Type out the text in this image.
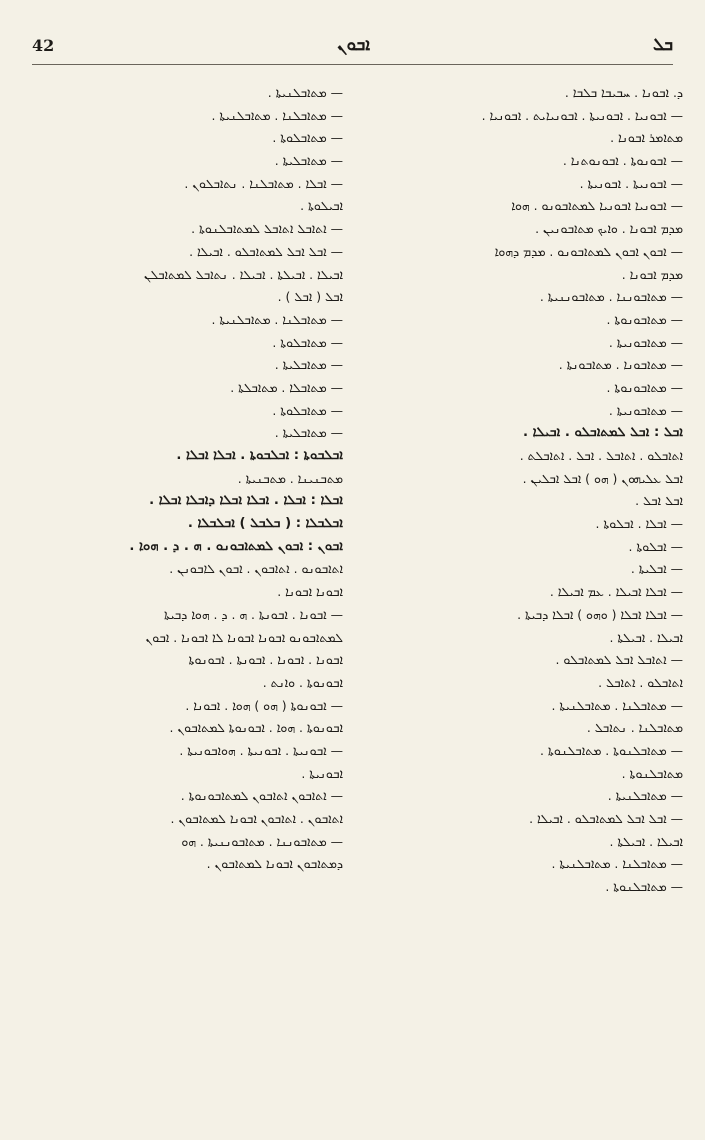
42	ܐܒܘܢ	ܒܠ
ܕ. ܐܒܘܢܐ . ܚܒܝܒܐ ܒܠܒܐ .
— ܐܒܘܢܝܐ . ܐܒܘܢܝܬܐ . ܐܒܘܢܝܐܝܬ . ܐܒܘܢܝܐ .
ܡܬܐܡܪ ܐܒܘܢܐ .
— ܐܒܘܢܘܬܐ . ܐܒܘܢܘܬܢܐ .
— ܐܒܘܢܝܬܐ . ܐܒܘܢܝܬܐ .
— ܐܒܘܢܝܐ ܐܒܘܢܝܐ ܠܡܬܐܒܘܢܘ . ܗܘܐ
ܡܕܡ ܐܒܘܢܐ . ܘܐܝܟ ܡܬܐܒܘܢܝܢ .
— ܐܒܘܢ ܐܒܘܢ ܠܡܬܐܒܘܢܘ . ܡܕܡ ܕܗܘܐ
ܡܕܡ ܐܒܘܢܐ .
— ܡܬܐܒܘܢܢܐ . ܡܬܐܒܘܢܢܝܬܐ .
— ܡܬܐܒܘܢܘܬܐ .
— ܡܬܐܒܘܢܝܬܐ .
— ܡܬܐܒܘܢܐ . ܡܬܐܒܘܢܬܐ .
— ܡܬܐܒܘܢܘܬܐ .
— ܡܬܐܒܘܢܝܬܐ .
ܐܒܠ : ܐܒܠ ܠܡܬܐܒܠܘ . ܐܒܝܠܐ .
ܐܬܐܒܠܘ . ܐܬܐܒܠ . ܐܒܠ . ܐܬܐܒܠܬ .
ܐܒܠ ܥܠܝܗܘܢ ( ܗܘ ) ܐܒܠ ܐܒܠܝܢ .
ܐܒܠ ܐܒܠ .
— ܐܒܠܐ . ܐܒܠܘܬܐ .
— ܐܒܠܘܬܐ .
— ܐܒܠܝܬܐ .
— ܐܒܠܐ ܐܒܝܠܐ . ܥܡ ܐܒܝܠܐ .
— ܐܒܠܐ ܐܒܠܐ ( ܘܗܘ ) ܐܒܠܐ ܕܒܝܬܐ .
ܐܒܝܠܐ . ܐܒܝܠܬܐ .
— ܐܬܐܒܠ ܐܒܠ ܠܡܬܐܒܠܘ .
ܐܬܐܒܠܘ . ܐܬܐܒܠ .
— ܡܬܐܒܠܢܐ . ܡܬܐܒܠܢܝܬܐ .
ܡܬܐܒܠܢܐ . ܢܬܐܒܠ .
— ܡܬܐܒܠܢܘܬܐ . ܡܬܐܒܠܢܘܬܐ .
ܡܬܐܒܠܢܘܬܐ .
— ܡܬܐܒܠܢܝܬܐ .
— ܐܒܠ ܐܒܠ ܠܡܬܐܒܠܘ . ܐܒܝܠܐ .
ܐܒܝܠܐ . ܐܒܝܠܬܐ .
— ܡܬܐܒܠܢܐ . ܡܬܐܒܠܢܝܬܐ .
— ܡܬܐܒܠܢܘܬܐ .
— ܡܬܐܒܠܢܝܬܐ .
— ܡܬܐܒܠܢܐ . ܡܬܐܒܠܢܝܬܐ .
— ܡܬܐܒܠܘܬܐ .
— ܡܬܐܒܠܝܬܐ .
— ܐܒܠܐ . ܡܬܐܒܠܢܐ . ܢܬܐܒܠܘܢ .
ܐܒܝܠܘܬܐ .
— ܐܬܐܒܠ ܐܬܐܒܠ ܠܡܬܐܒܠܢܘܬܐ .
— ܐܒܠ ܐܒܠ ܠܡܬܐܒܠܘ . ܐܒܝܠܐ .
ܐܒܝܠܐ . ܐܒܝܠܬܐ . ܐܒܝܠܐ . ܢܬܐܒܠ ܠܡܬܐܒܠܢ
ܐܒܠ ( ܐܒܠ ) .
— ܡܬܐܒܠܢܐ . ܡܬܐܒܠܢܝܬܐ .
— ܡܬܐܒܠܘܬܐ .
— ܡܬܐܒܠܝܬܐ .
— ܡܬܐܒܠܐ . ܡܬܐܒܠܬܐ .
— ܡܬܐܒܠܘܬܐ .
— ܡܬܐܒܠܝܬܐ .
ܐܒܠܒܘܬܐ : ܐܒܠܒܘܬܐ . ܐܒܠܐ ܐܒܠܐ .
ܡܬܒܢܝܢܐ . ܡܬܒܢܝܬܐ .
ܐܒܠܐ : ܐܒܠܐ . ܐܒܠܐ ܐܒܠܐ ܕܐܒܠܐ ܐܒܠܐ .
ܐܒܠܒܠܐ : ( ܒܠܒܠ ) ܐܒܠܒܠܐ .
ܐܒܘܢ : ܐܒܘܢ ܠܡܬܐܒܘܢܘ . ܗ . ܕ . ܗܘܐ .
ܐܬܐܒܘܢܘ . ܐܬܐܒܘܢ . ܐܒܘܢ ܠܐܒܘܢܢ .
ܐܒܘܢܐ ܐܒܘܢܐ .
— ܐܒܘܢܐ . ܐܒܘܢܬܐ . ܗ . ܕ . ܗܘܐ ܕܒܝܬܐ
ܠܡܬܐܒܘܢܘ ܐܒܘܢܐ ܐܒܘܢܐ ܠܐ ܐܒܘܢܐ . ܐܒܘܢ
ܐܒܘܢܐ . ܐܒܘܢܐ . ܐܒܘܢܬܐ . ܐܒܘܢܘܬܐ
ܐܒܘܢܘܬܐ . ܘܐܢܬ .
— ܐܒܘܢܘܬܐ ( ܗܘ ) ܗܘܐ . ܐܒܘܢܐ .
ܐܒܘܢܘܬܐ . ܗܘܐ . ܐܒܘܢܘܬܐ ܠܡܬܐܒܘܢ .
— ܐܒܘܢܝܬܐ . ܐܒܘܢܝܬܐ . ܗܘܐܒܘܢܝܬܐ .
ܐܒܘܢܝܬܐ .
— ܐܬܐܒܘܢ ܐܬܐܒܘܢ ܠܡܬܐܒܘܢܘܬܐ .
ܐܬܐܒܘܢ . ܐܬܐܒܘܢ ܐܒܘܢܐ ܠܡܬܐܒܘܢ .
— ܡܬܐܒܘܢܢܐ . ܡܬܐܒܘܢܢܝܬܐ . ܗܘ
ܕܡܬܐܒܘܢ ܐܒܘܢܐ ܠܡܬܐܒܘܢ .
